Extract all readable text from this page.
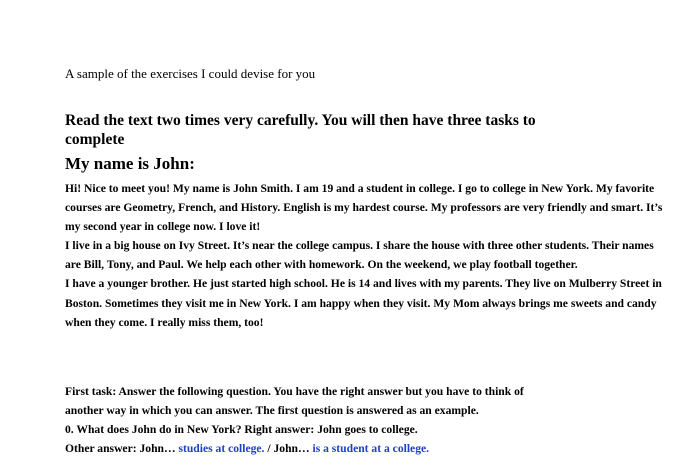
A sample of the exercises I could devise for you
Read the text two times very carefully. You will then have three tasks to complete
My name is John:

Hi! Nice to meet you! My name is John Smith. I am 19 and a student in college. I go to college in New York. My favorite courses are Geometry, French, and History. English is my hardest course. My professors are very friendly and smart. It’s my second year in college now. I love it!

I live in a big house on Ivy Street. It’s near the college campus. I share the house with three other students. Their names are Bill, Tony, and Paul. We help each other with homework. On the weekend, we play football together.

I have a younger brother. He just started high school. He is 14 and lives with my parents. They live on Mulberry Street in Boston. Sometimes they visit me in New York. I am happy when they visit. My Mom always brings me sweets and candy when they come. I really miss them, too!

First task: Answer the following question. You have the right answer but you have to think of

another way in which you can answer. The first question is answered as an example.

0. What does John do in New York? Right answer: John goes to college.

Other answer: John… studies at college. / John… is a student at a college.
